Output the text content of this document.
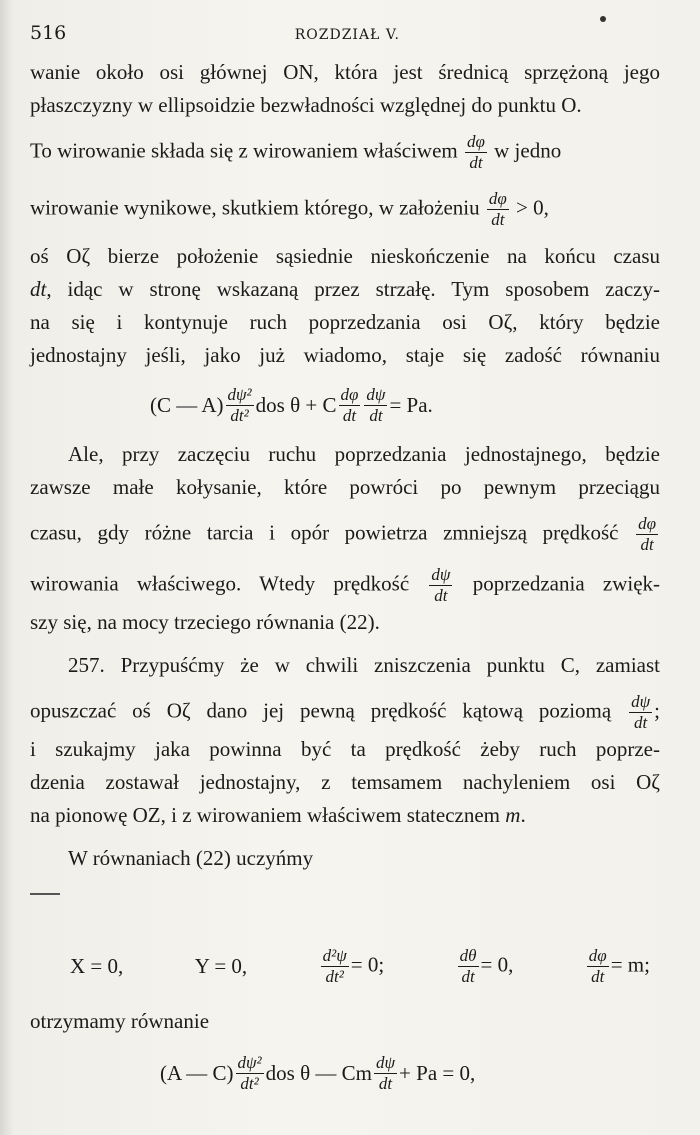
516	ROZDZIAŁ V.
wanie około osi głównej ON, która jest średnicą sprzężoną jego
płaszczyzny w ellipsoidzie bezwładności względnej do punktu O.
To wirowanie składa się z wirowaniem właściwem $\frac{d\varphi}{dt}$ w jedno
wirowanie wynikowe, skutkiem którego, w założeniu $\frac{d\varphi}{dt} > 0$,
oś Oζ bierze położenie sąsiednie nieskończenie na końcu czasu
dt, idąc w stronę wskazaną przez strzałę. Tym sposobem zaczy-
na się i kontynuje ruch poprzedzania osi Oζ, który będzie
jednostajny jeśli, jako już wiadomo, staje się zadość równaniu
(C — $A) \frac{\text{dψ²}}{\text{dt²}}$ dos θ + C $\frac{d\varphi}{dt} \frac{d\psi}{dt} = Pa$.
Ale, przy zaczęciu ruchu poprzedzania jednostajnego, będzie
zawsze małe kołysanie, które powróci po pewnym przeciągu
czasu, gdy różne tarcia i opór powietrza zmniejszą prędkość $\frac{d\varphi}{dt}$
wirowania właściwego. Wtedy prędkość $\frac{d\psi}{dt}$ poprzedzania zwięk-
szy się, na mocy trzeciego równania (22).
257. Przypuśćmy że w chwili zniszczenia punktu C, zamiast
opuszczać oś Oζ dano jej pewną prędkość kątową poziomą $\frac{d\psi}{dt}$ ;
i szukajmy jaka powinna być ta prędkość żeby ruch poprze-
dzenia zostawał jednostajny, z temsamem nachyleniem osi Oζ
na pionowę OZ, i z wirowaniem właściwem statecznem m.
W równaniach (22) uczyńmy
X = 0,	Y = 0,	$\frac{\text{d²ψ}}{\text{dt²}} = 0$;	$\frac{d\theta}{dt} = 0$,	$\frac{d\varphi}{dt} = m$;
otrzymamy równanie
(A — $C) \frac{\text{dψ²}}{\text{dt²}}$ dos θ — Cm $\frac{d\psi}{dt} + Pa = 0$,
